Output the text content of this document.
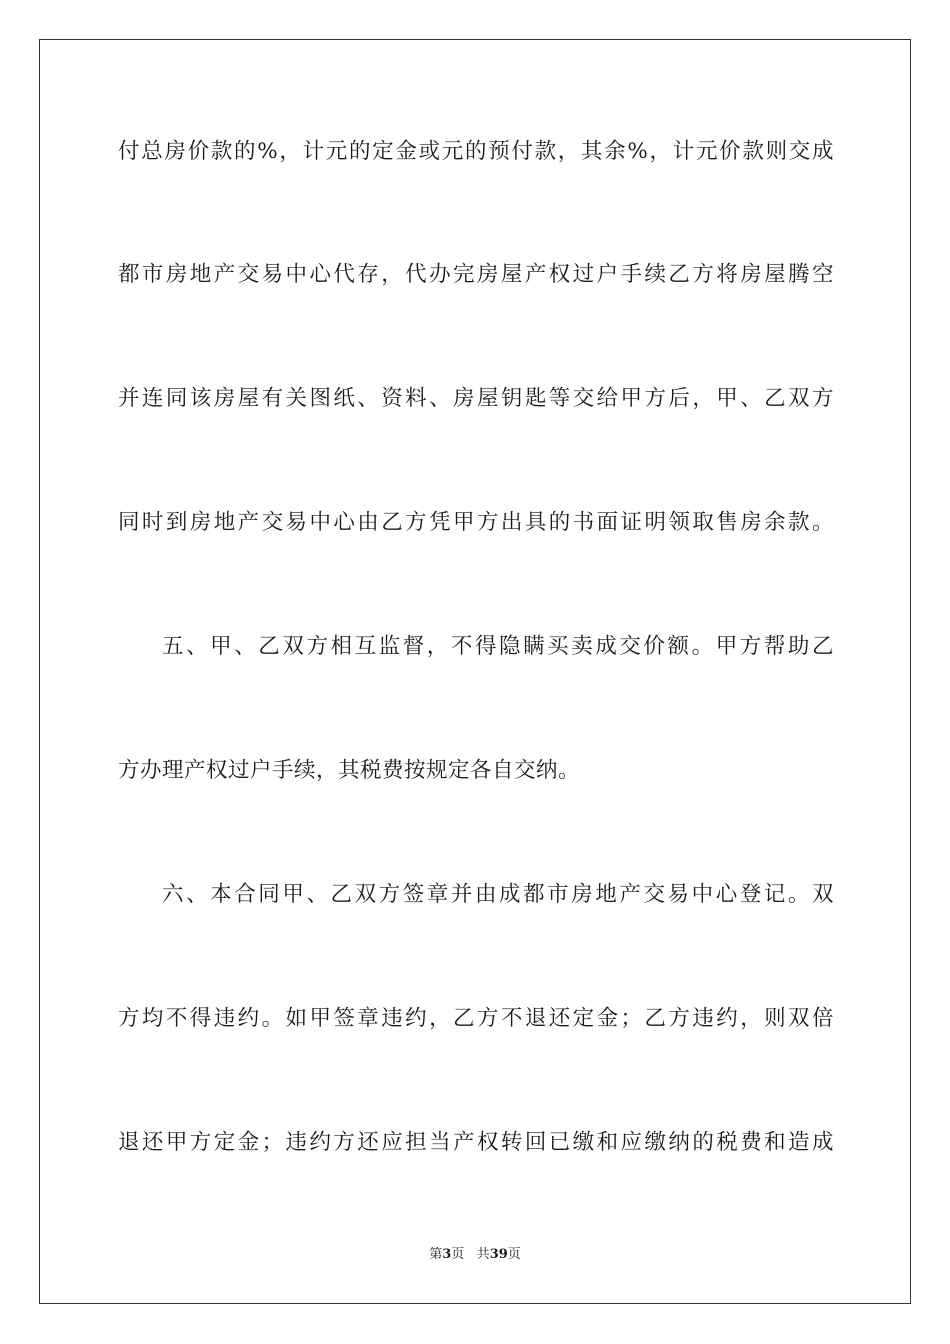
付总房价款的%，计元的定金或元的预付款，其余%，计元价款则交成
都市房地产交易中心代存，代办完房屋产权过户手续乙方将房屋腾空
并连同该房屋有关图纸、资料、房屋钥匙等交给甲方后，甲、乙双方
同时到房地产交易中心由乙方凭甲方出具的书面证明领取售房余款。
五、甲、乙双方相互监督，不得隐瞒买卖成交价额。甲方帮助乙
方办理产权过户手续，其税费按规定各自交纳。
六、本合同甲、乙双方签章并由成都市房地产交易中心登记。双
方均不得违约。如甲签章违约，乙方不退还定金；乙方违约，则双倍
退还甲方定金；违约方还应担当产权转回已缴和应缴纳的税费和造成
第3页 共39页
